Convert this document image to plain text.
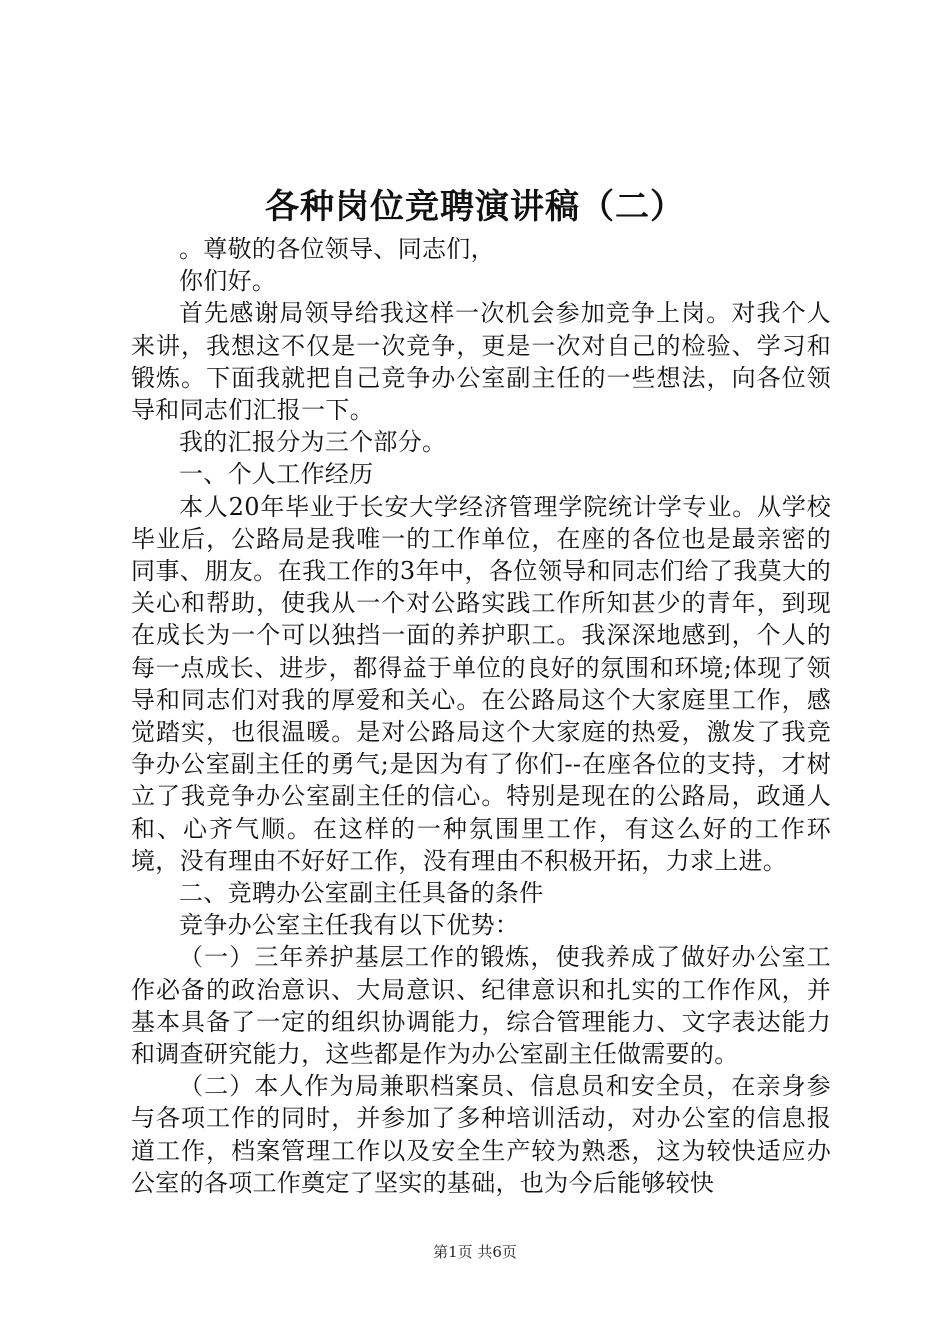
各种岗位竞聘演讲稿（二）

。尊敬的各位领导、同志们，

你们好。

首先感谢局领导给我这样一次机会参加竞争上岗。对我个人来讲，我想这不仅是一次竞争，更是一次对自己的检验、学习和锻炼。下面我就把自己竞争办公室副主任的一些想法，向各位领导和同志们汇报一下。

我的汇报分为三个部分。

一、个人工作经历

本人20年毕业于长安大学经济管理学院统计学专业。从学校毕业后，公路局是我唯一的工作单位，在座的各位也是最亲密的同事、朋友。在我工作的3年中，各位领导和同志们给了我莫大的关心和帮助，使我从一个对公路实践工作所知甚少的青年，到现在成长为一个可以独挡一面的养护职工。我深深地感到，个人的每一点成长、进步，都得益于单位的良好的氛围和环境;体现了领导和同志们对我的厚爱和关心。在公路局这个大家庭里工作，感觉踏实，也很温暖。是对公路局这个大家庭的热爱，激发了我竞争办公室副主任的勇气;是因为有了你们--在座各位的支持，才树立了我竞争办公室副主任的信心。特别是现在的公路局，政通人和、心齐气顺。在这样的一种氛围里工作，有这么好的工作环境，没有理由不好好工作，没有理由不积极开拓，力求上进。

二、竞聘办公室副主任具备的条件

竞争办公室主任我有以下优势：

（一）三年养护基层工作的锻炼，使我养成了做好办公室工作必备的政治意识、大局意识、纪律意识和扎实的工作作风，并基本具备了一定的组织协调能力，综合管理能力、文字表达能力和调查研究能力，这些都是作为办公室副主任做需要的。

（二）本人作为局兼职档案员、信息员和安全员，在亲身参与各项工作的同时，并参加了多种培训活动，对办公室的信息报道工作，档案管理工作以及安全生产较为熟悉，这为较快适应办公室的各项工作奠定了坚实的基础，也为今后能够较快

第1页 共6页
